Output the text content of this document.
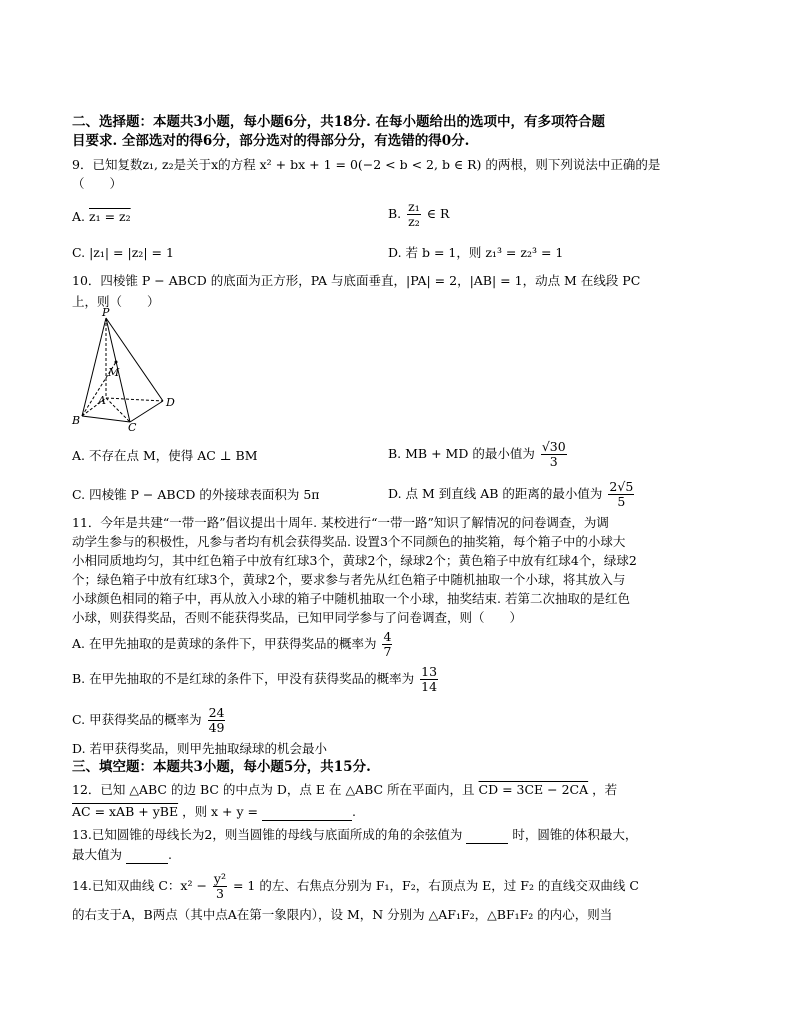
二、选择题：本题共3小题，每小题6分，共18分. 在每小题给出的选项中，有多项符合题
目要求. 全部选对的得6分，部分选对的得部分分，有选错的得0分.
9．已知复数z₁, z₂是关于x的方程 x² + bx + 1 = 0(−2 < b < 2, b ∈ R) 的两根，则下列说法中正确的是
（　　）
A. z₁ = z₂	B. $\frac{\text{z₁}}{\text{z₂}}$ ∈ R
C. |z₁| = |z₂| = 1	D. 若 b = 1，则 z₁³ = z₂³ = 1
10．四棱锥 P − ABCD 的底面为正方形，PA 与底面垂直，|PA| = 2，|AB| = 1，动点 M 在线段 PC
上，则（　　）
P
M
A
B
C
D
A. 不存在点 M，使得 AC ⊥ BM	B. MB + MD 的最小值为 $\frac{√30}{3}$
C. 四棱锥 P − ABCD 的外接球表面积为 5π	D. 点 M 到直线 AB 的距离的最小值为 $\frac{2√5}{5}$
11．今年是共建“一带一路”倡议提出十周年. 某校进行“一带一路”知识了解情况的问卷调查，为调
动学生参与的积极性，凡参与者均有机会获得奖品. 设置3个不同颜色的抽奖箱，每个箱子中的小球大
小相同质地均匀，其中红色箱子中放有红球3个，黄球2个，绿球2个；黄色箱子中放有红球4个，绿球2
个；绿色箱子中放有红球3个，黄球2个，要求参与者先从红色箱子中随机抽取一个小球，将其放入与
小球颜色相同的箱子中，再从放入小球的箱子中随机抽取一个小球，抽奖结束. 若第二次抽取的是红色
小球，则获得奖品，否则不能获得奖品，已知甲同学参与了问卷调查，则（　　）
A. 在甲先抽取的是黄球的条件下，甲获得奖品的概率为 $\frac{4}{7}$
B. 在甲先抽取的不是红球的条件下，甲没有获得奖品的概率为 $\frac{13}{14}$
C. 甲获得奖品的概率为 $\frac{24}{49}$
D. 若甲获得奖品，则甲先抽取绿球的机会最小
三、填空题：本题共3小题，每小题5分，共15分.
12．已知 △ABC 的边 BC 的中点为 D，点 E 在 △ABC 所在平面内，且 CD = 3CE − 2CA ，若
AC = xAB + yBE ，则 x + y =	.
13.已知圆锥的母线长为2，则当圆锥的母线与底面所成的角的余弦值为	时，圆锥的体积最大，
最大值为	.
14.已知双曲线 C：$x^2 - \frac{\text{y²}}{3} = 1$ 的左、右焦点分别为 F₁，F₂，右顶点为 E，过 F₂ 的直线交双曲线 C
的右支于A，B两点（其中点A在第一象限内），设 M，N 分别为 △AF₁F₂，△BF₁F₂ 的内心，则当
